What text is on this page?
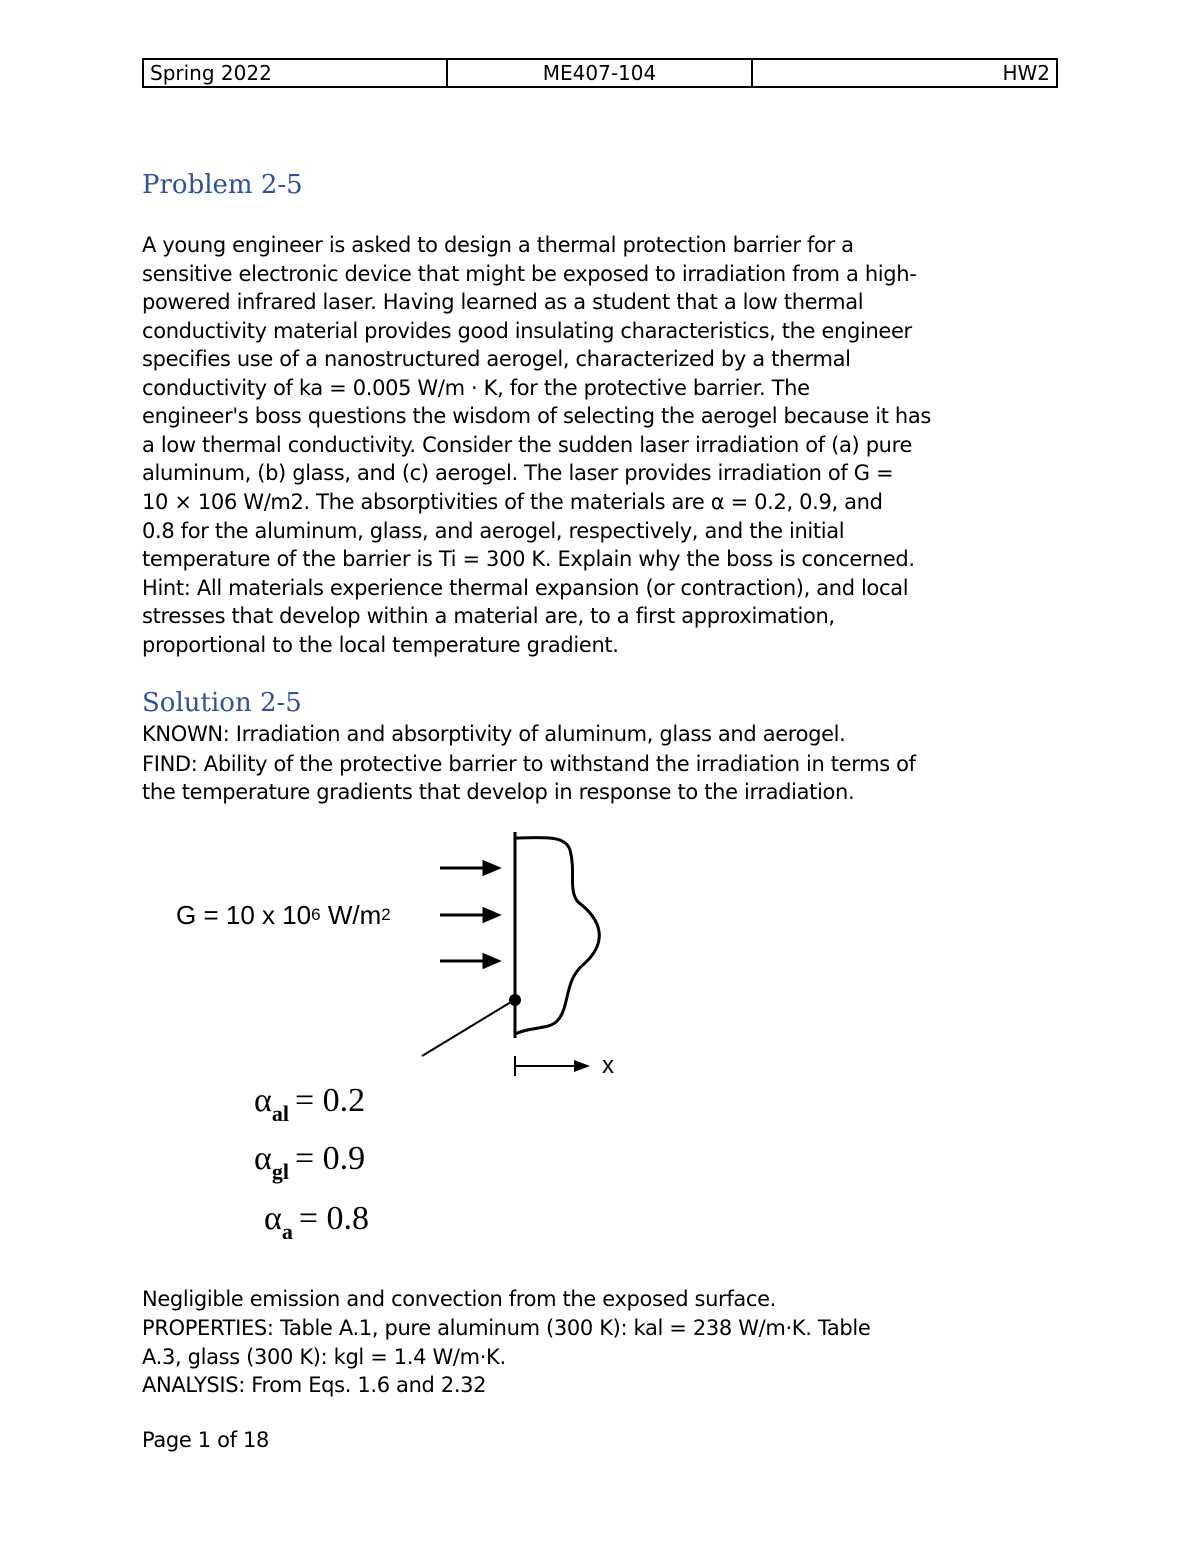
Spring 2022	ME407-104	HW2
Problem 2-5
A young engineer is asked to design a thermal protection barrier for a
sensitive electronic device that might be exposed to irradiation from a high-
powered infrared laser. Having learned as a student that a low thermal
conductivity material provides good insulating characteristics, the engineer
specifies use of a nanostructured aerogel, characterized by a thermal
conductivity of ka = 0.005 W/m · K, for the protective barrier. The
engineer's boss questions the wisdom of selecting the aerogel because it has
a low thermal conductivity. Consider the sudden laser irradiation of (a) pure
aluminum, (b) glass, and (c) aerogel. The laser provides irradiation of G =
10 × 106 W/m2. The absorptivities of the materials are α = 0.2, 0.9, and
0.8 for the aluminum, glass, and aerogel, respectively, and the initial
temperature of the barrier is Ti = 300 K. Explain why the boss is concerned.
Hint: All materials experience thermal expansion (or contraction), and local
stresses that develop within a material are, to a first approximation,
proportional to the local temperature gradient.
Solution 2-5
KNOWN: Irradiation and absorptivity of aluminum, glass and aerogel.
FIND: Ability of the protective barrier to withstand the irradiation in terms of
the temperature gradients that develop in response to the irradiation.
G = 10 x $10^6$ $W/m^2$
x
$\alpha_{al} = 0.2$
$\alpha_{gl} = 0.9$
$\alpha_a = 0.8$
Negligible emission and convection from the exposed surface.
PROPERTIES: Table A.1, pure aluminum (300 K): kal = 238 W/m·K. Table
A.3, glass (300 K): kgl = 1.4 W/m·K.
ANALYSIS: From Eqs. 1.6 and 2.32
Page 1 of 18
